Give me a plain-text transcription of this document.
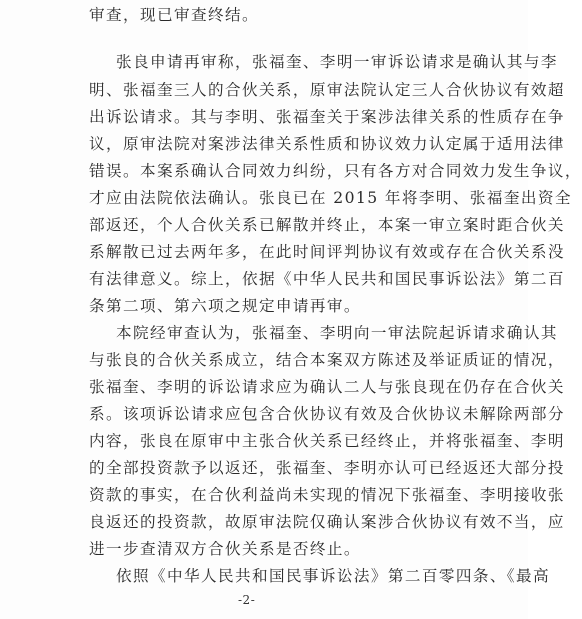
审查，现已审查终结。
张良申请再审称，张福奎、李明一审诉讼请求是确认其与李
明、张福奎三人的合伙关系，原审法院认定三人合伙协议有效超
出诉讼请求。其与李明、张福奎关于案涉法律关系的性质存在争
议，原审法院对案涉法律关系性质和协议效力认定属于适用法律
错误。本案系确认合同效力纠纷，只有各方对合同效力发生争议，
才应由法院依法确认。张良已在 2015 年将李明、张福奎出资全
部返还，个人合伙关系已解散并终止，本案一审立案时距合伙关
系解散已过去两年多，在此时间评判协议有效或存在合伙关系没
有法律意义。综上，依据《中华人民共和国民事诉讼法》第二百
条第二项、第六项之规定申请再审。
本院经审查认为，张福奎、李明向一审法院起诉请求确认其
与张良的合伙关系成立，结合本案双方陈述及举证质证的情况，
张福奎、李明的诉讼请求应为确认二人与张良现在仍存在合伙关
系。该项诉讼请求应包含合伙协议有效及合伙协议未解除两部分
内容，张良在原审中主张合伙关系已经终止，并将张福奎、李明
的全部投资款予以返还，张福奎、李明亦认可已经返还大部分投
资款的事实，在合伙利益尚未实现的情况下张福奎、李明接收张
良返还的投资款，故原审法院仅确认案涉合伙协议有效不当，应
进一步查清双方合伙关系是否终止。
依照《中华人民共和国民事诉讼法》第二百零四条、《最高
-2-
